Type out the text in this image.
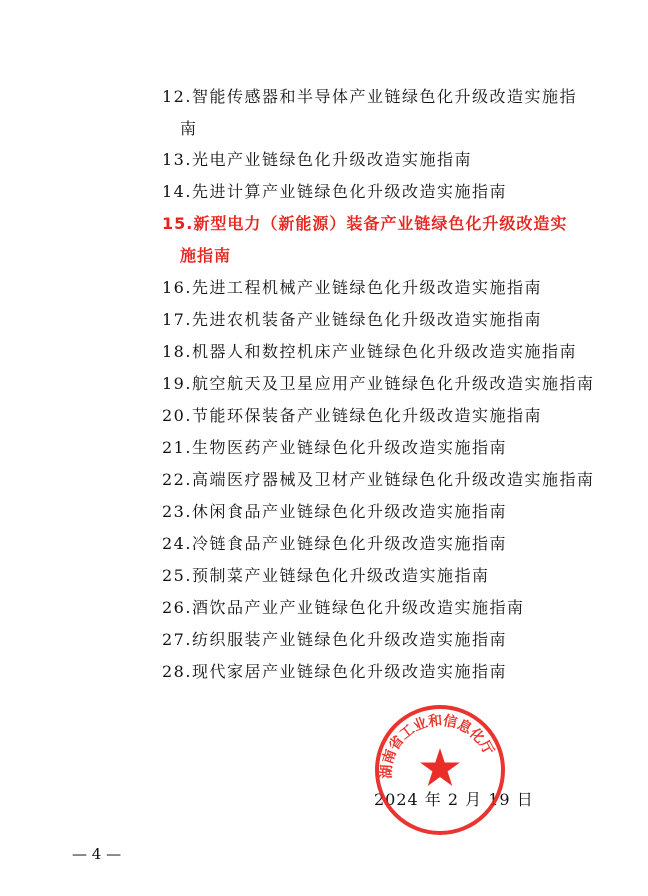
12.智能传感器和半导体产业链绿色化升级改造实施指
南
13.光电产业链绿色化升级改造实施指南
14.先进计算产业链绿色化升级改造实施指南
15.新型电力（新能源）装备产业链绿色化升级改造实
施指南
16.先进工程机械产业链绿色化升级改造实施指南
17.先进农机装备产业链绿色化升级改造实施指南
18.机器人和数控机床产业链绿色化升级改造实施指南
19.航空航天及卫星应用产业链绿色化升级改造实施指南
20.节能环保装备产业链绿色化升级改造实施指南
21.生物医药产业链绿色化升级改造实施指南
22.高端医疗器械及卫材产业链绿色化升级改造实施指南
23.休闲食品产业链绿色化升级改造实施指南
24.冷链食品产业链绿色化升级改造实施指南
25.预制菜产业链绿色化升级改造实施指南
26.酒饮品产业产业链绿色化升级改造实施指南
27.纺织服装产业链绿色化升级改造实施指南
28.现代家居产业链绿色化升级改造实施指南
2024 年 2 月 19 日
湖南省工业和信息化厅
— 4 —
